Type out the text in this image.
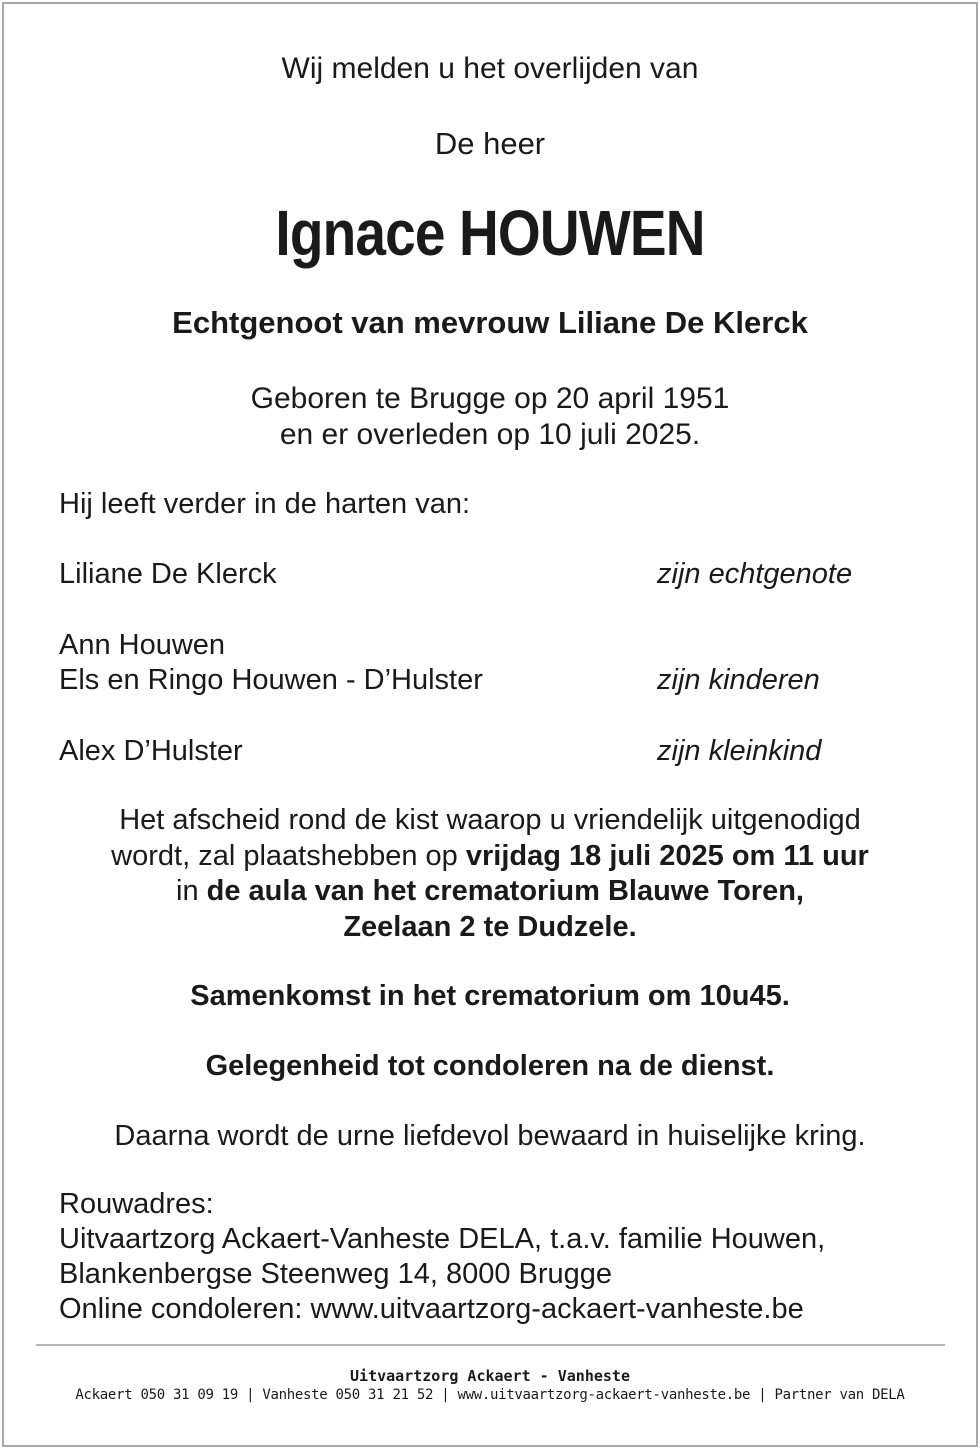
Wij melden u het overlijden van
De heer
Ignace HOUWEN
Echtgenoot van mevrouw Liliane De Klerck
Geboren te Brugge op 20 april 1951
en er overleden op 10 juli 2025.
Hij leeft verder in de harten van:
Liliane De Klerck	zijn echtgenote
Ann Houwen
Els en Ringo Houwen - D’Hulster	zijn kinderen
Alex D’Hulster	zijn kleinkind
Het afscheid rond de kist waarop u vriendelijk uitgenodigd
wordt, zal plaatshebben op vrijdag 18 juli 2025 om 11 uur
in de aula van het crematorium Blauwe Toren,
Zeelaan 2 te Dudzele.
Samenkomst in het crematorium om 10u45.
Gelegenheid tot condoleren na de dienst.
Daarna wordt de urne liefdevol bewaard in huiselijke kring.
Rouwadres:
Uitvaartzorg Ackaert-Vanheste DELA, t.a.v. familie Houwen,
Blankenbergse Steenweg 14, 8000 Brugge
Online condoleren: www.uitvaartzorg-ackaert-vanheste.be
Uitvaartzorg Ackaert - Vanheste
Ackaert 050 31 09 19 | Vanheste 050 31 21 52 | www.uitvaartzorg-ackaert-vanheste.be | Partner van DELA
